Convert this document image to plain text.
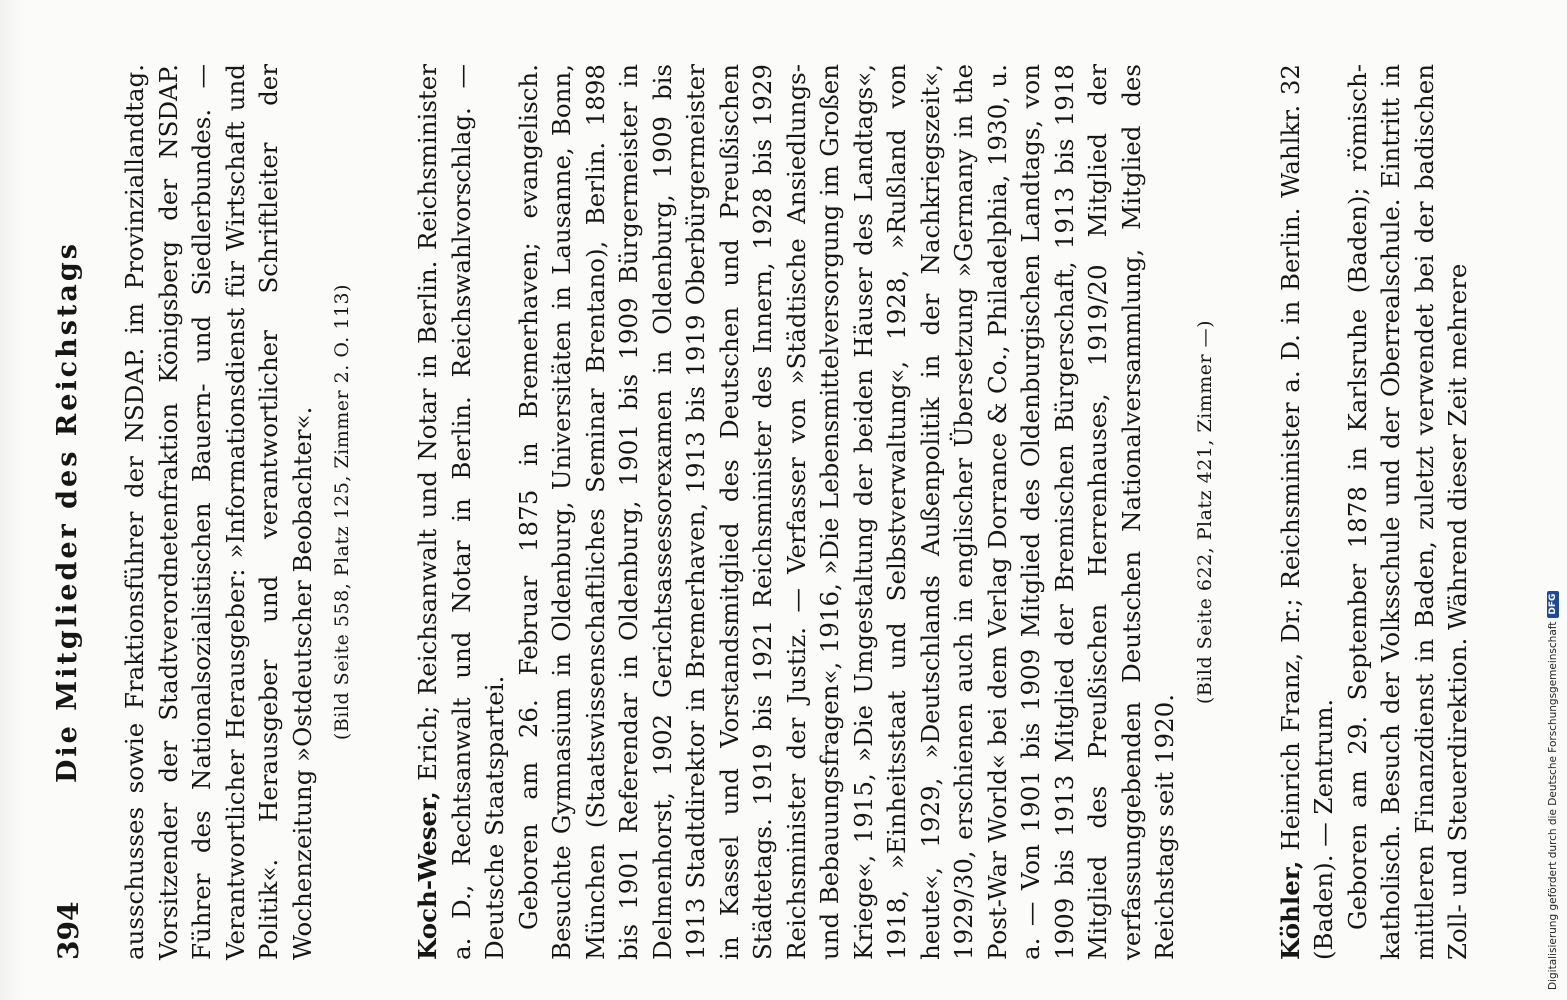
394
Die Mitglieder des Reichstags ausschusses sowie Fraktionsführer der NSDAP. im Provinziallandtag. Vorsitzender der Stadtverordnetenfraktion Königsberg der NSDAP. Führer des Nationalsozialistischen Bauern- und Siedlerbundes. — Verantwortlicher Herausgeber: »Informationsdienst für Wirtschaft und Politik«. Herausgeber und verantwortlicher Schriftleiter der Wochenzeitung »Ostdeutscher Beobachter«. (Bild Seite 558, Platz 125, Zimmer 2. O. 113)

Koch-Weser, Erich; Reichsanwalt und Notar in Berlin. Reichsminister a. D., Rechtsanwalt und Notar in Berlin. Reichswahlvorschlag. — Deutsche Staatspartei. Geboren am 26. Februar 1875 in Bremerhaven; evangelisch. Besuchte Gymnasium in Oldenburg, Universitäten in Lausanne, Bonn, München (Staatswissenschaftliches Seminar Brentano), Berlin. 1898 bis 1901 Referendar in Oldenburg, 1901 bis 1909 Bürgermeister in Delmenhorst, 1902 Gerichtsassessorexamen in Oldenburg, 1909 bis 1913 Stadtdirektor in Bremerhaven, 1913 bis 1919 Oberbürgermeister in Kassel und Vorstandsmitglied des Deutschen und Preußischen Städtetags. 1919 bis 1921 Reichsminister des Innern, 1928 bis 1929 Reichsminister der Justiz. — Verfasser von »Städtische Ansiedlungs- und Bebauungsfragen«, 1916, »Die Lebensmittelversorgung im Großen Kriege«, 1915, »Die Umgestaltung der beiden Häuser des Landtags«, 1918, »Einheitsstaat und Selbstverwaltung«, 1928, »Rußland von heute«, 1929, »Deutschlands Außenpolitik in der Nachkriegszeit«, 1929/30, erschienen auch in englischer Übersetzung »Germany in the Post-War World« bei dem Verlag Dorrance & Co., Philadelphia, 1930, u. a. — Von 1901 bis 1909 Mitglied des Oldenburgischen Landtags, von 1909 bis 1913 Mitglied der Bremischen Bürgerschaft, 1913 bis 1918 Mitglied des Preußischen Herrenhauses, 1919/20 Mitglied der verfassunggebenden Deutschen Nationalversammlung, Mitglied des Reichstags seit 1920.

(Bild Seite 622, Platz 421, Zimmer —)

Köhler, Heinrich Franz, Dr.; Reichsminister a. D. in Berlin. Wahlkr. 32 (Baden). — Zentrum. Geboren am 29. September 1878 in Karlsruhe (Baden); römisch-katholisch. Besuch der Volksschule und der Oberrealschule. Eintritt in mittleren Finanzdienst in Baden, zuletzt verwendet bei der badischen Zoll- und Steuerdirektion. Während dieser Zeit mehrere	Digitalisierung gefördert durch die Deutsche Forschungsgemeinschaft
DFG
